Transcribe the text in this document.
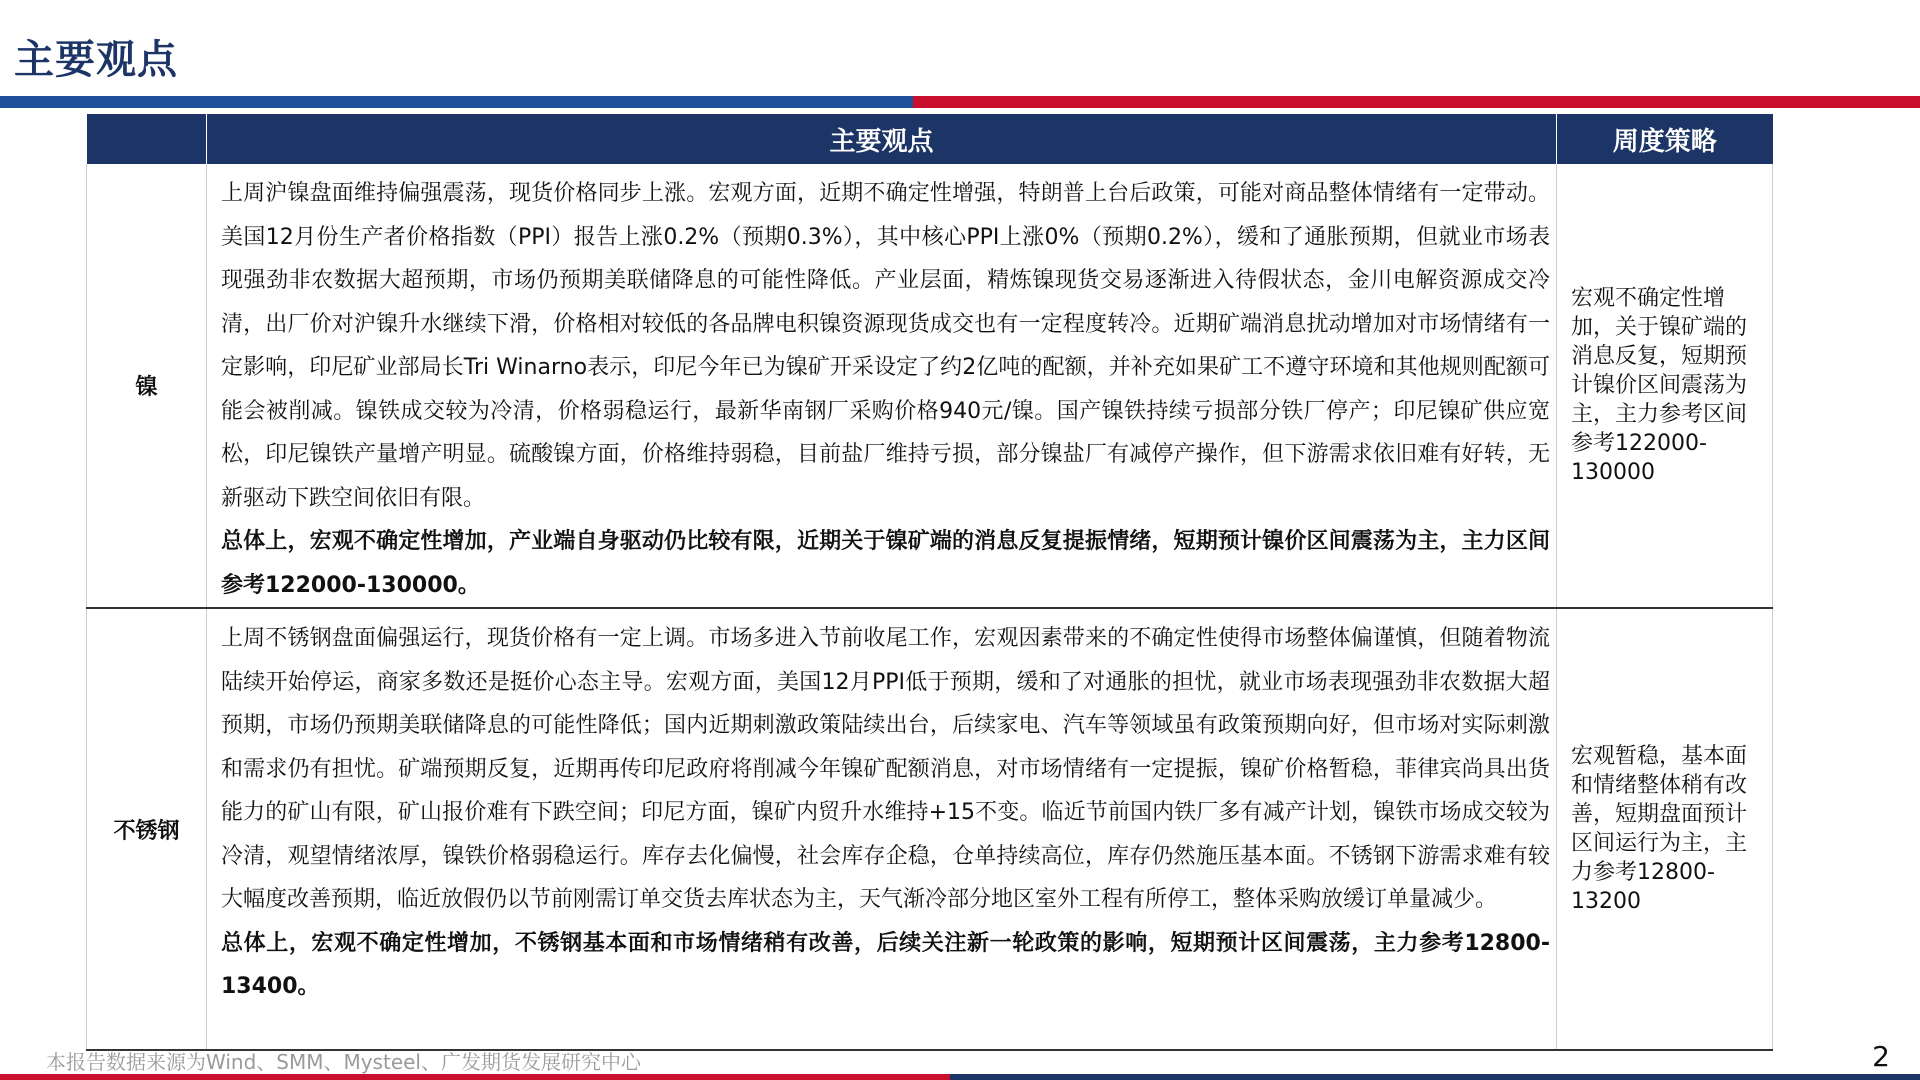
主要观点
	主要观点	周度策略
镍	上周沪镍盘面维持偏强震荡，现货价格同步上涨。宏观方面，近期不确定性增强，特朗普上台后政策，可能对商品整体情绪有一定带动。美国12月份生产者价格指数（PPI）报告上涨0.2%（预期0.3%），其中核心PPI上涨0%（预期0.2%），缓和了通胀预期，但就业市场表现强劲非农数据大超预期，市场仍预期美联储降息的可能性降低。产业层面，精炼镍现货交易逐渐进入待假状态，金川电解资源成交冷清，出厂价对沪镍升水继续下滑，价格相对较低的各品牌电积镍资源现货成交也有一定程度转冷。近期矿端消息扰动增加对市场情绪有一定影响，印尼矿业部局长Tri Winarno表示，印尼今年已为镍矿开采设定了约2亿吨的配额，并补充如果矿工不遵守环境和其他规则配额可能会被削减。镍铁成交较为冷清，价格弱稳运行，最新华南钢厂采购价格940元/镍。国产镍铁持续亏损部分铁厂停产；印尼镍矿供应宽松，印尼镍铁产量增产明显。硫酸镍方面，价格维持弱稳，目前盐厂维持亏损，部分镍盐厂有减停产操作，但下游需求依旧难有好转，无新驱动下跌空间依旧有限。
总体上，宏观不确定性增加，产业端自身驱动仍比较有限，近期关于镍矿端的消息反复提振情绪，短期预计镍价区间震荡为主，主力区间参考122000-130000。	宏观不确定性增加，关于镍矿端的消息反复，短期预计镍价区间震荡为主，主力参考区间参考122000-130000
不锈钢	上周不锈钢盘面偏强运行，现货价格有一定上调。市场多进入节前收尾工作，宏观因素带来的不确定性使得市场整体偏谨慎，但随着物流陆续开始停运，商家多数还是挺价心态主导。宏观方面，美国12月PPI低于预期，缓和了对通胀的担忧，就业市场表现强劲非农数据大超预期，市场仍预期美联储降息的可能性降低；国内近期刺激政策陆续出台，后续家电、汽车等领域虽有政策预期向好，但市场对实际刺激和需求仍有担忧。矿端预期反复，近期再传印尼政府将削减今年镍矿配额消息，对市场情绪有一定提振，镍矿价格暂稳，菲律宾尚具出货能力的矿山有限，矿山报价难有下跌空间；印尼方面，镍矿内贸升水维持+15不变。临近节前国内铁厂多有减产计划，镍铁市场成交较为冷清，观望情绪浓厚，镍铁价格弱稳运行。库存去化偏慢，社会库存企稳，仓单持续高位，库存仍然施压基本面。不锈钢下游需求难有较大幅度改善预期，临近放假仍以节前刚需订单交货去库状态为主，天气渐冷部分地区室外工程有所停工，整体采购放缓订单量减少。
总体上，宏观不确定性增加，不锈钢基本面和市场情绪稍有改善，后续关注新一轮政策的影响，短期预计区间震荡，主力参考12800-13400。	宏观暂稳，基本面和情绪整体稍有改善，短期盘面预计区间运行为主，主力参考12800-13200
本报告数据来源为Wind、SMM、Mysteel、广发期货发展研究中心	2
